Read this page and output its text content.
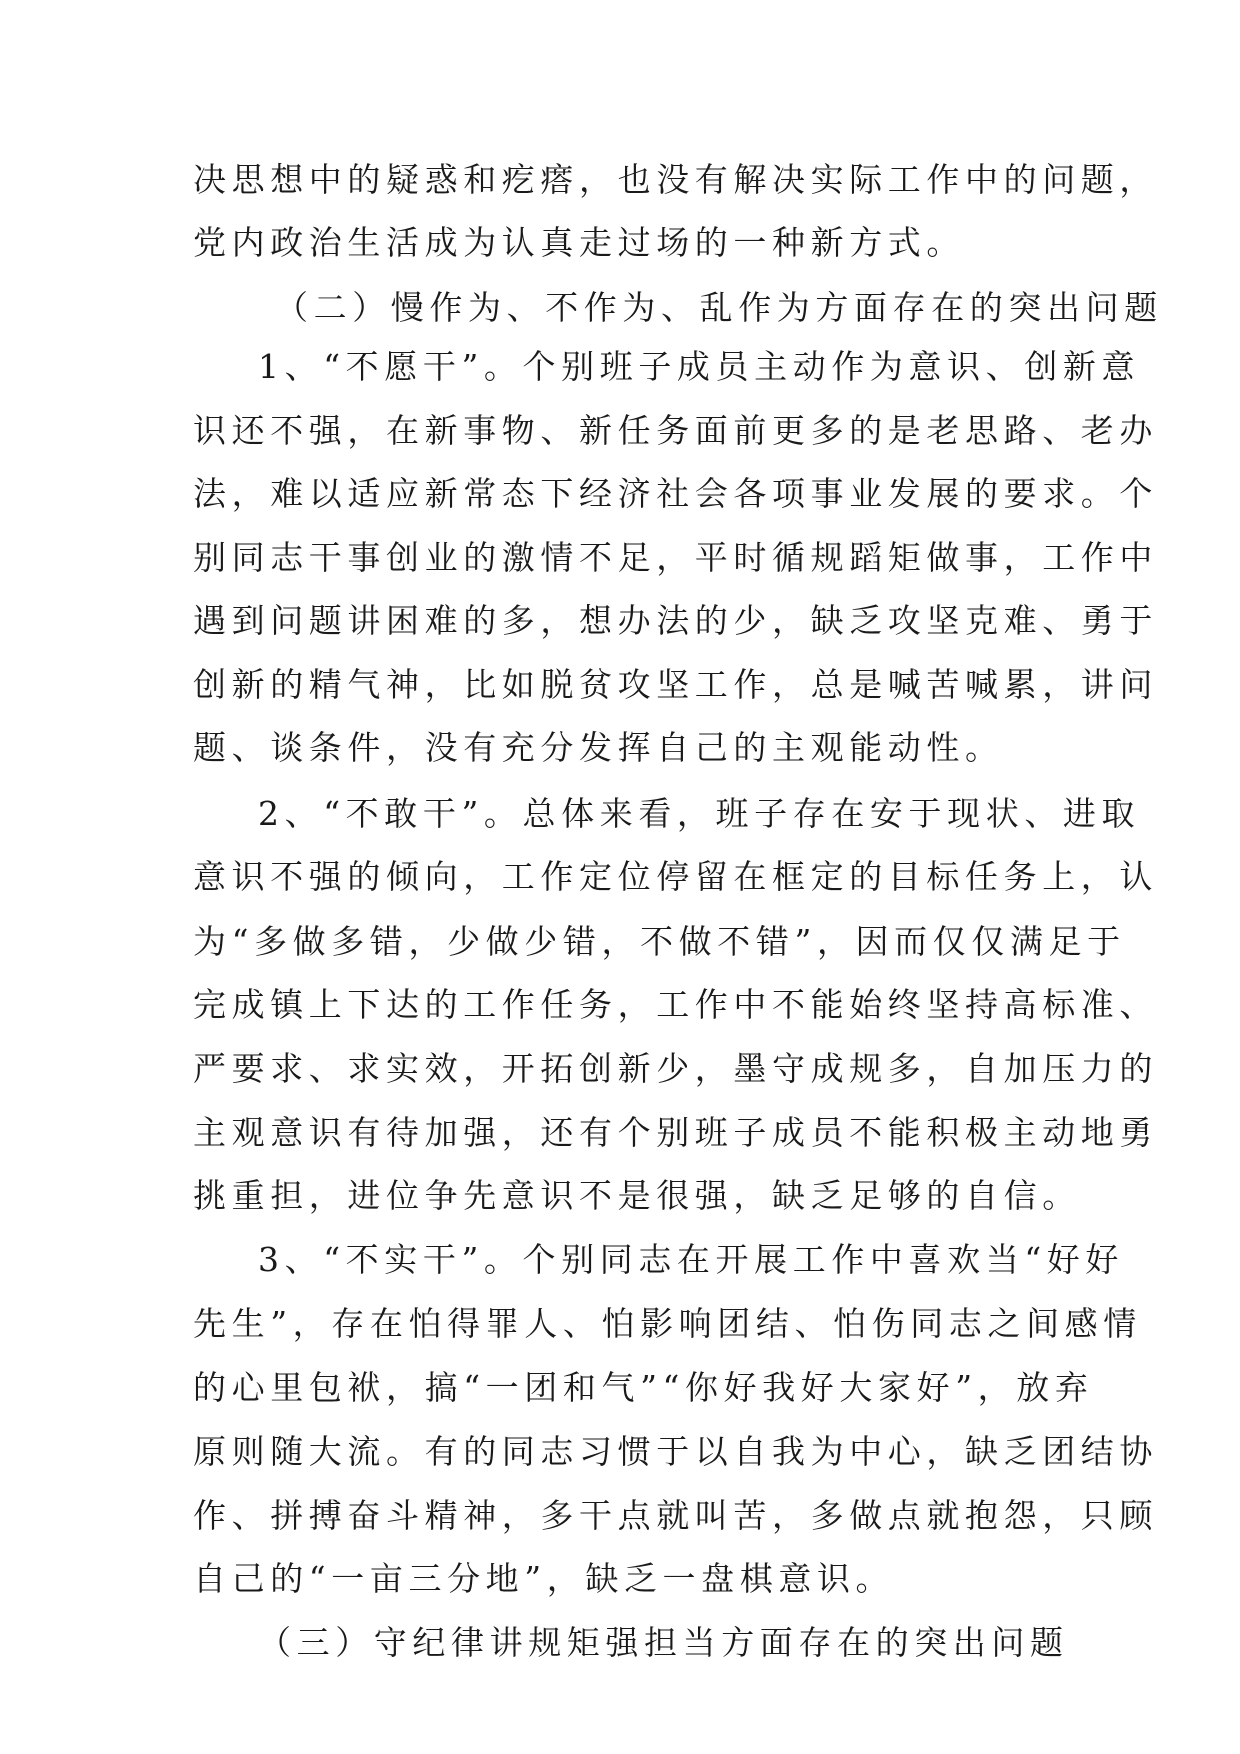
决思想中的疑惑和疙瘩，也没有解决实际工作中的问题，
党内政治生活成为认真走过场的一种新方式。
（二）慢作为、不作为、乱作为方面存在的突出问题
1、“不愿干”。个别班子成员主动作为意识、创新意
识还不强，在新事物、新任务面前更多的是老思路、老办
法，难以适应新常态下经济社会各项事业发展的要求。个
别同志干事创业的激情不足，平时循规蹈矩做事，工作中
遇到问题讲困难的多，想办法的少，缺乏攻坚克难、勇于
创新的精气神，比如脱贫攻坚工作，总是喊苦喊累，讲问
题、谈条件，没有充分发挥自己的主观能动性。
2、“不敢干”。总体来看，班子存在安于现状、进取
意识不强的倾向，工作定位停留在框定的目标任务上，认
为“多做多错，少做少错，不做不错”，因而仅仅满足于
完成镇上下达的工作任务，工作中不能始终坚持高标准、
严要求、求实效，开拓创新少，墨守成规多，自加压力的
主观意识有待加强，还有个别班子成员不能积极主动地勇
挑重担，进位争先意识不是很强，缺乏足够的自信。
3、“不实干”。个别同志在开展工作中喜欢当“好好
先生”，存在怕得罪人、怕影响团结、怕伤同志之间感情
的心里包袱，搞“一团和气”“你好我好大家好”，放弃
原则随大流。有的同志习惯于以自我为中心，缺乏团结协
作、拼搏奋斗精神，多干点就叫苦，多做点就抱怨，只顾
自己的“一亩三分地”，缺乏一盘棋意识。
（三）守纪律讲规矩强担当方面存在的突出问题
